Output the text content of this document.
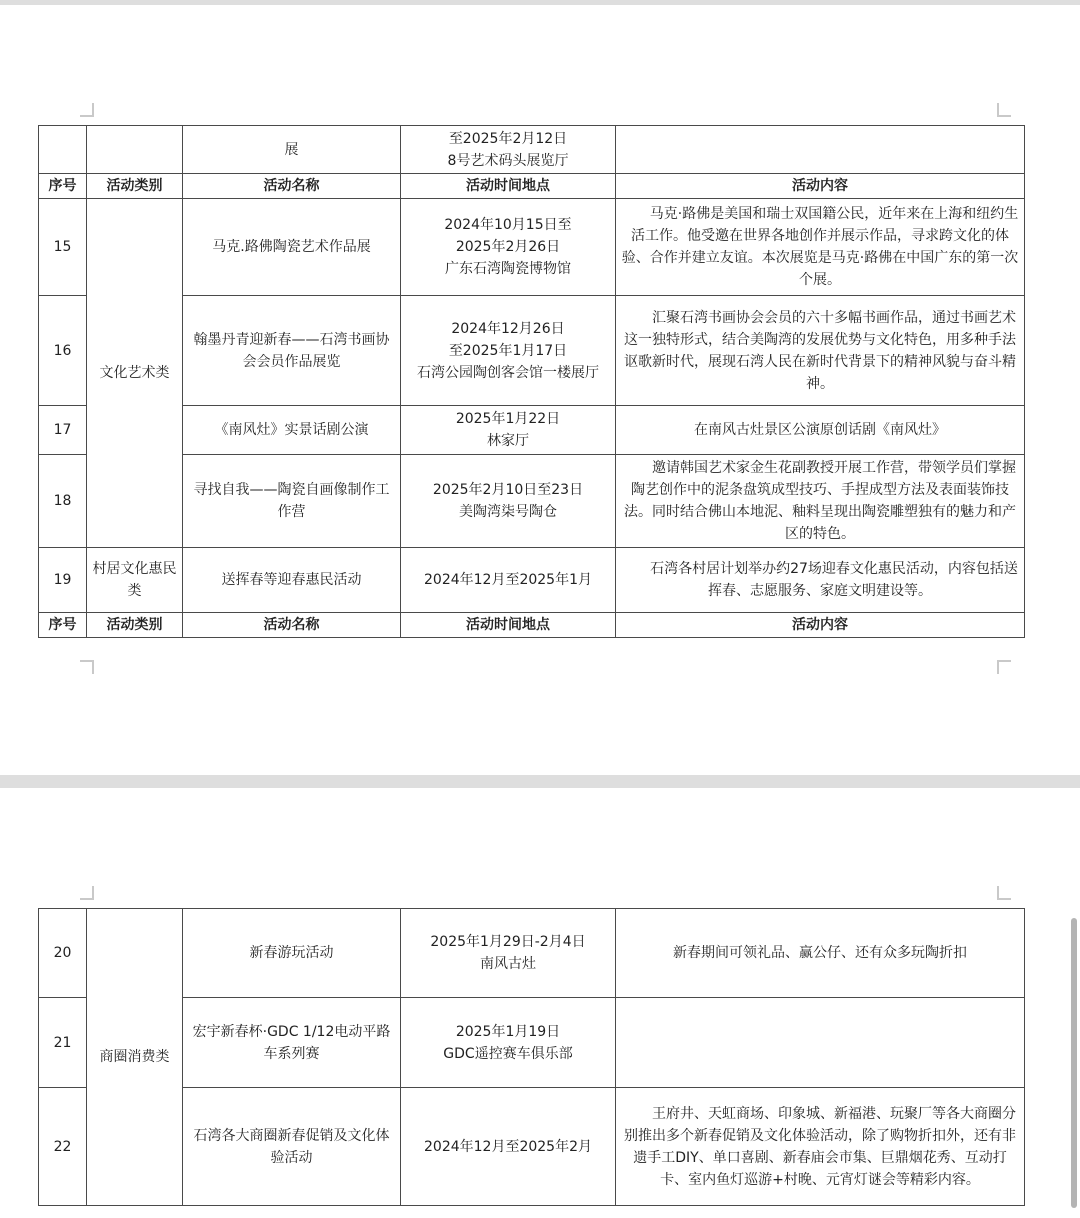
		展	至2025年2月12日
8号艺术码头展览厅	

序号	活动类别	活动名称	活动时间地点	活动内容
15	文化艺术类	马克.路佛陶瓷艺术作品展	2024年10月15日至
2025年2月26日
广东石湾陶瓷博物馆	马克·路佛是美国和瑞士双国籍公民，近年来在上海和纽约生活工作。他受邀在世界各地创作并展示作品，寻求跨文化的体验、合作并建立友谊。本次展览是马克·路佛在中国广东的第一次个展。
16		翰墨丹青迎新春——石湾书画协会会员作品展览	2024年12月26日
至2025年1月17日
石湾公园陶创客会馆一楼展厅	汇聚石湾书画协会会员的六十多幅书画作品，通过书画艺术这一独特形式，结合美陶湾的发展优势与文化特色，用多种手法讴歌新时代，展现石湾人民在新时代背景下的精神风貌与奋斗精神。
17		《南风灶》实景话剧公演	2025年1月22日
林家厅	在南风古灶景区公演原创话剧《南风灶》
18		寻找自我——陶瓷自画像制作工作营	2025年2月10日至23日
美陶湾柒号陶仓	邀请韩国艺术家金生花副教授开展工作营，带领学员们掌握陶艺创作中的泥条盘筑成型技巧、手捏成型方法及表面装饰技法。同时结合佛山本地泥、釉料呈现出陶瓷雕塑独有的魅力和产区的特色。
19	村居文化惠民类	送挥春等迎春惠民活动	2024年12月至2025年1月	石湾各村居计划举办约27场迎春文化惠民活动，内容包括送挥春、志愿服务、家庭文明建设等。
序号	活动类别	活动名称	活动时间地点	活动内容
20	商圈消费类	新春游玩活动	2025年1月29日-2月4日
南风古灶	新春期间可领礼品、赢公仔、还有众多玩陶折扣
21		宏宇新春杯·GDC 1/12电动平路车系列赛	2025年1月19日
GDC遥控赛车俱乐部	

22		石湾各大商圈新春促销及文化体验活动	2024年12月至2025年2月	王府井、天虹商场、印象城、新福港、玩聚厂等各大商圈分别推出多个新春促销及文化体验活动，除了购物折扣外，还有非遗手工DIY、单口喜剧、新春庙会市集、巨鼎烟花秀、互动打卡、室内鱼灯巡游+村晚、元宵灯谜会等精彩内容。
